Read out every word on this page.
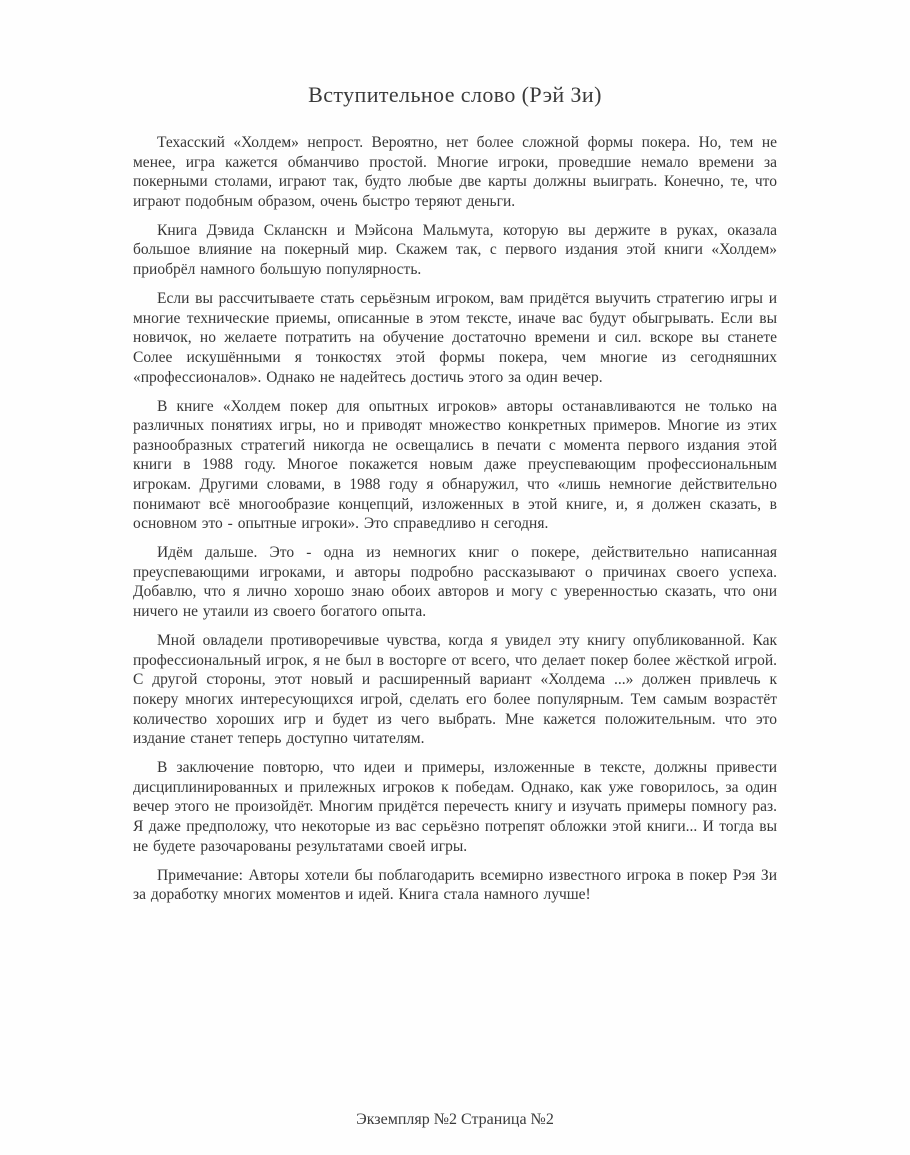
Вступительное слово (Рэй Зи)

Техасский «Холдем» непрост. Вероятно, нет более сложной формы покера. Но, тем не менее, игра кажется обманчиво простой. Многие игроки, проведшие немало времени за покерными столами, играют так, будто любые две карты должны выиграть. Конечно, те, что играют подобным образом, очень быстро теряют деньги.

Книга Дэвида Скланскн и Мэйсона Мальмута, которую вы держите в руках, оказала большое влияние на покерный мир. Скажем так, с первого издания этой книги «Холдем» приобрёл намного большую популярность.

Если вы рассчитываете стать серьёзным игроком, вам придётся выучить стратегию игры и многие технические приемы, описанные в этом тексте, иначе вас будут обыгрывать. Если вы новичок, но желаете потратить на обучение достаточно времени и сил. вскоре вы станете Солее искушёнными я тонкостях этой формы покера, чем многие из сегодняшних «профессионалов». Однако не надейтесь достичь этого за один вечер.

В книге «Холдем покер для опытных игроков» авторы останавливаются не только на различных понятиях игры, но и приводят множество конкретных примеров. Многие из этих разнообразных стратегий никогда не освещались в печати с момента первого издания этой книги в 1988 году. Многое покажется новым даже преуспевающим профессиональным игрокам. Другими словами, в 1988 году я обнаружил, что «лишь немногие действительно понимают всё многообразие концепций, изложенных в этой книге, и, я должен сказать, в основном это - опытные игроки». Это справедливо н сегодня.

Идём дальше. Это - одна из немногих книг о покере, действительно написанная преуспевающими игроками, и авторы подробно рассказывают о причинах своего успеха. Добавлю, что я лично хорошо знаю обоих авторов и могу с уверенностью сказать, что они ничего не утаили из своего богатого опыта.

Мной овладели противоречивые чувства, когда я увидел эту книгу опубликованной. Как профессиональный игрок, я не был в восторге от всего, что делает покер более жёсткой игрой. С другой стороны, этот новый и расширенный вариант «Холдема ...» должен привлечь к покеру многих интересующихся игрой, сделать его более популярным. Тем самым возрастёт количество хороших игр и будет из чего выбрать. Мне кажется положительным. что это издание станет теперь доступно читателям.

В заключение повторю, что идеи и примеры, изложенные в тексте, должны привести дисциплинированных и прилежных игроков к победам. Однако, как уже говорилось, за один вечер этого не произойдёт. Многим придётся перечесть книгу и изучать примеры помногу раз. Я даже предположу, что некоторые из вас серьёзно потрепят обложки этой книги... И тогда вы не будете разочарованы результатами своей игры.

Примечание: Авторы хотели бы поблагодарить всемирно известного игрока в покер Рэя Зи за доработку многих моментов и идей. Книга стала намного лучше!

Экземпляр №2 Страница №2
